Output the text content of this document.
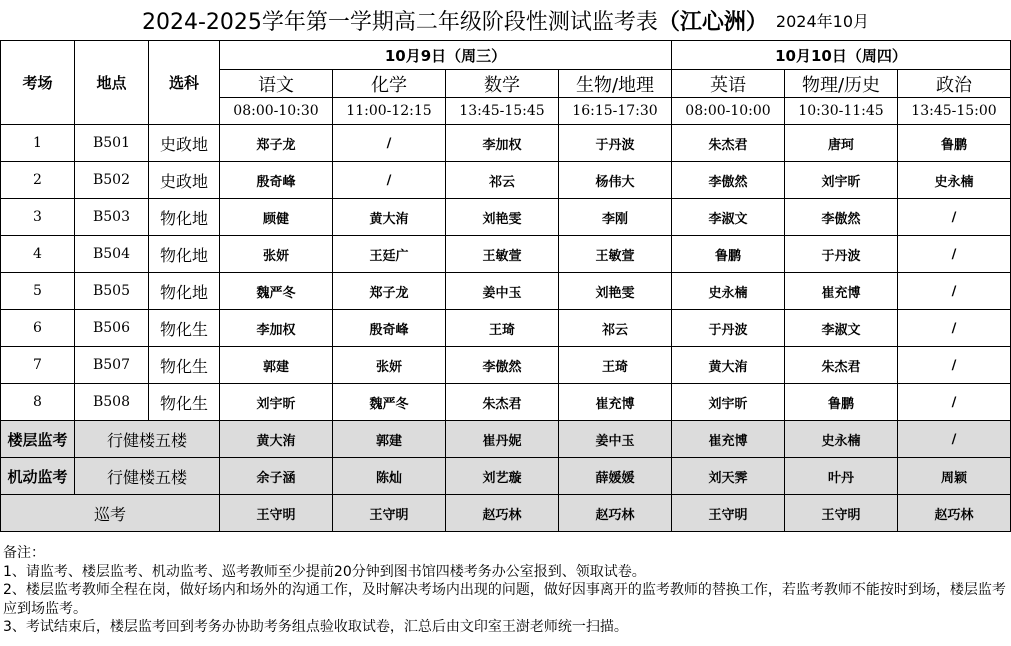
2024-2025学年第一学期高二年级阶段性测试监考表 （江心洲） 2024年10月
考场	地点	选科	10月9日（周三）				10月10日（周四）		
			语文	化学	数学	生物/地理	英语	物理/历史	政治
			08:00-10:30	11:00-12:15	13:45-15:45	16:15-17:30	08:00-10:00	10:30-11:45	13:45-15:00
1	B501	史政地	郑子龙	/	李加权	于丹波	朱杰君	唐珂	鲁鹏
2	B502	史政地	殷奇峰	/	祁云	杨伟大	李傲然	刘宇昕	史永楠
3	B503	物化地	顾健	黄大洧	刘艳雯	李刚	李淑文	李傲然	/
4	B504	物化地	张妍	王廷广	王敏萱	王敏萱	鲁鹏	于丹波	/
5	B505	物化地	魏严冬	郑子龙	姜中玉	刘艳雯	史永楠	崔充博	/
6	B506	物化生	李加权	殷奇峰	王琦	祁云	于丹波	李淑文	/
7	B507	物化生	郭建	张妍	李傲然	王琦	黄大洧	朱杰君	/
8	B508	物化生	刘宇昕	魏严冬	朱杰君	崔充博	刘宇昕	鲁鹏	/
楼层监考	行健楼五楼		黄大洧	郭建	崔丹妮	姜中玉	崔充博	史永楠	/
机动监考	行健楼五楼		余子涵	陈灿	刘艺璇	薛媛媛	刘天霁	叶丹	周颖
巡考			王守明	王守明	赵巧林	赵巧林	王守明	王守明	赵巧林
备注：
1、请监考、楼层监考、机动监考、巡考教师至少提前20分钟到图书馆四楼考务办公室报到、领取试卷。
2、楼层监考教师全程在岗，做好场内和场外的沟通工作，及时解决考场内出现的问题，做好因事离开的监考教师的替换工作，若监考教师不能按时到场，楼层监考应到场监考。
3、考试结束后，楼层监考回到考务办协助考务组点验收取试卷，汇总后由文印室王澍老师统一扫描。
